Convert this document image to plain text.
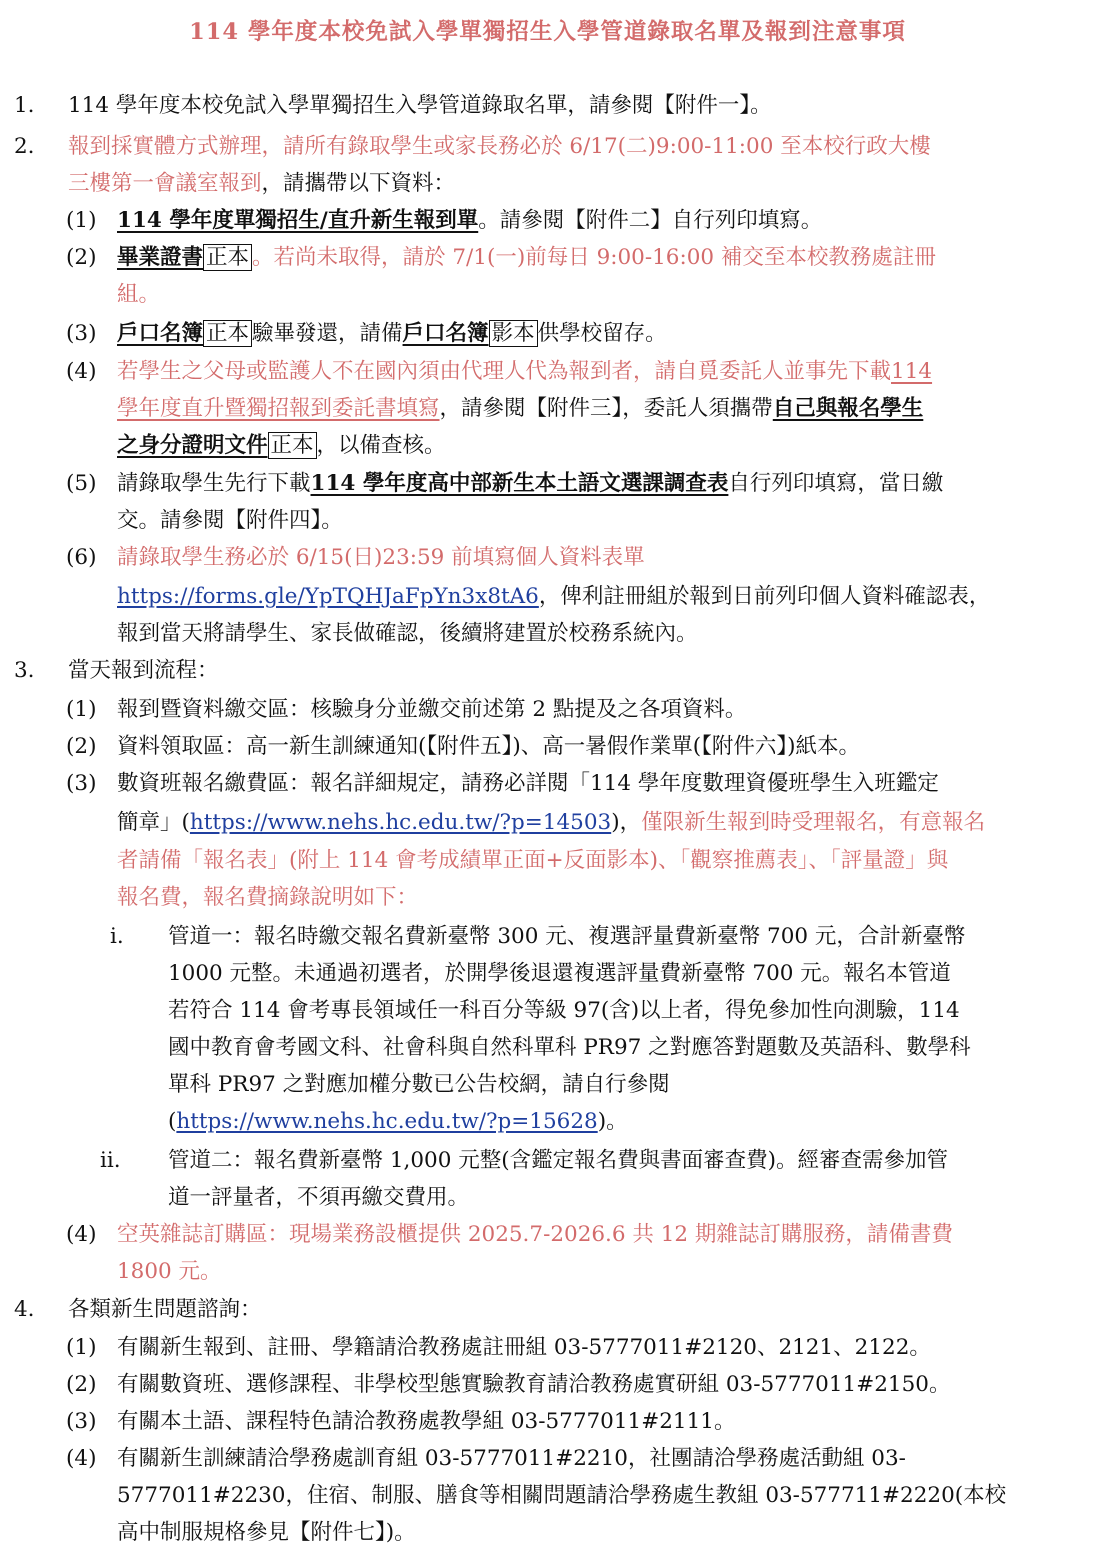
114 學年度本校免試入學單獨招生入學管道錄取名單及報到注意事項
1. 114 學年度本校免試入學單獨招生入學管道錄取名單，請參閱【附件一】。
2. 報到採實體方式辦理，請所有錄取學生或家長務必於 6/17(二)9:00-11:00 至本校行政大樓
三樓第一會議室報到，請攜帶以下資料：
(1) 114 學年度單獨招生/直升新生報到單。請參閱【附件二】自行列印填寫。
(2) 畢業證書 正本 。若尚未取得，請於 7/1(一)前每日 9:00-16:00 補交至本校教務處註冊
組。
(3) 戶口名簿 正本 驗畢發還，請備戶口名簿 影本 供學校留存。
(4) 若學生之父母或監護人不在國內須由代理人代為報到者，請自覓委託人並事先下載114
學年度直升暨獨招報到委託書填寫，請參閱【附件三】，委託人須攜帶自己與報名學生
之身分證明文件 正本 ，以備查核。
(5) 請錄取學生先行下載114 學年度高中部新生本土語文選課調查表自行列印填寫，當日繳
交。請參閱【附件四】。
(6) 請錄取學生務必於 6/15(日)23:59 前填寫個人資料表單
https://forms.gle/YpTQHJaFpYn3x8tA6，俾利註冊組於報到日前列印個人資料確認表，
報到當天將請學生、家長做確認，後續將建置於校務系統內。
3. 當天報到流程：
(1) 報到暨資料繳交區：核驗身分並繳交前述第 2 點提及之各項資料。
(2) 資料領取區：高一新生訓練通知(【附件五】)、高一暑假作業單(【附件六】)紙本。
(3) 數資班報名繳費區：報名詳細規定，請務必詳閱「114 學年度數理資優班學生入班鑑定
簡章」(https://www.nehs.hc.edu.tw/?p=14503)，僅限新生報到時受理報名，有意報名
者請備「報名表」(附上 114 會考成績單正面+反面影本)、「觀察推薦表」、「評量證」與
報名費，報名費摘錄說明如下：
i. 管道一：報名時繳交報名費新臺幣 300 元、複選評量費新臺幣 700 元，合計新臺幣
1000 元整。未通過初選者，於開學後退還複選評量費新臺幣 700 元。報名本管道
若符合 114 會考專長領域任一科百分等級 97(含)以上者，得免參加性向測驗，114
國中教育會考國文科、社會科與自然科單科 PR97 之對應答對題數及英語科、數學科
單科 PR97 之對應加權分數已公告校網，請自行參閱
(https://www.nehs.hc.edu.tw/?p=15628)。
ii. 管道二：報名費新臺幣 1,000 元整(含鑑定報名費與書面審查費)。經審查需參加管
道一評量者，不須再繳交費用。
(4) 空英雜誌訂購區：現場業務設櫃提供 2025.7-2026.6 共 12 期雜誌訂購服務，請備書費
1800 元。
4. 各類新生問題諮詢：
(1) 有關新生報到、註冊、學籍請洽教務處註冊組 03-5777011#2120、2121、2122。
(2) 有關數資班、選修課程、非學校型態實驗教育請洽教務處實研組 03-5777011#2150。
(3) 有關本土語、課程特色請洽教務處教學組 03-5777011#2111。
(4) 有關新生訓練請洽學務處訓育組 03-5777011#2210，社團請洽學務處活動組 03-
5777011#2230，住宿、制服、膳食等相關問題請洽學務處生教組 03-577711#2220(本校
高中制服規格參見【附件七】)。
